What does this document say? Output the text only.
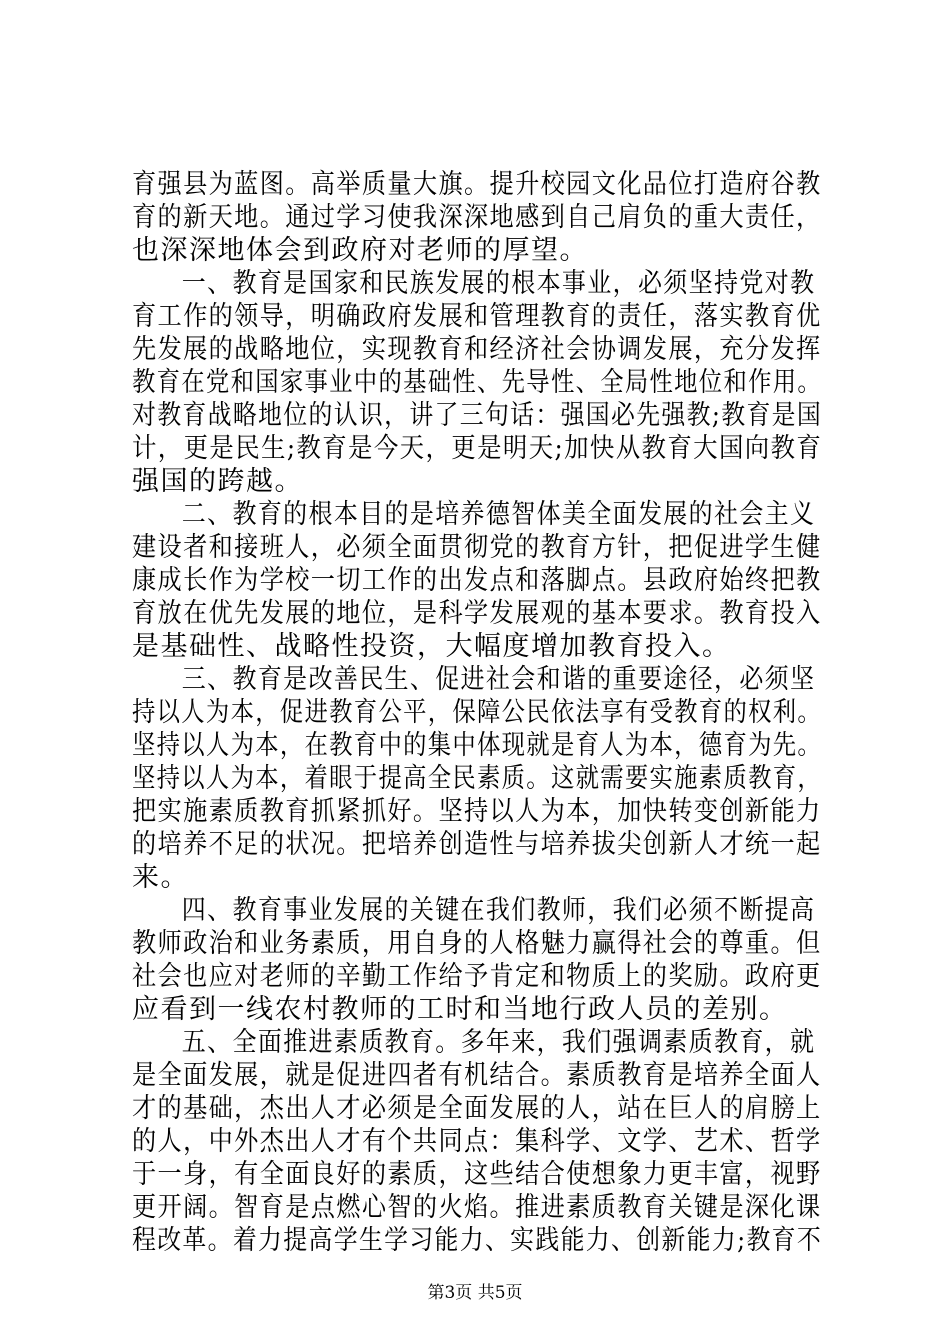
育强县为蓝图。高举质量大旗。提升校园文化品位打造府谷教
育的新天地。通过学习使我深深地感到自己肩负的重大责任，
也深深地体会到政府对老师的厚望。
一、教育是国家和民族发展的根本事业，必须坚持党对教
育工作的领导，明确政府发展和管理教育的责任，落实教育优
先发展的战略地位，实现教育和经济社会协调发展，充分发挥
教育在党和国家事业中的基础性、先导性、全局性地位和作用。
对教育战略地位的认识，讲了三句话：强国必先强教;教育是国
计，更是民生;教育是今天，更是明天;加快从教育大国向教育
强国的跨越。
二、教育的根本目的是培养德智体美全面发展的社会主义
建设者和接班人，必须全面贯彻党的教育方针，把促进学生健
康成长作为学校一切工作的出发点和落脚点。县政府始终把教
育放在优先发展的地位，是科学发展观的基本要求。教育投入
是基础性、战略性投资，大幅度增加教育投入。
三、教育是改善民生、促进社会和谐的重要途径，必须坚
持以人为本，促进教育公平，保障公民依法享有受教育的权利。
坚持以人为本，在教育中的集中体现就是育人为本，德育为先。
坚持以人为本，着眼于提高全民素质。这就需要实施素质教育，
把实施素质教育抓紧抓好。坚持以人为本，加快转变创新能力
的培养不足的状况。把培养创造性与培养拔尖创新人才统一起
来。
四、教育事业发展的关键在我们教师，我们必须不断提高
教师政治和业务素质，用自身的人格魅力赢得社会的尊重。但
社会也应对老师的辛勤工作给予肯定和物质上的奖励。政府更
应看到一线农村教师的工时和当地行政人员的差别。
五、全面推进素质教育。多年来，我们强调素质教育，就
是全面发展，就是促进四者有机结合。素质教育是培养全面人
才的基础，杰出人才必须是全面发展的人，站在巨人的肩膀上
的人，中外杰出人才有个共同点：集科学、文学、艺术、哲学
于一身，有全面良好的素质，这些结合使想象力更丰富，视野
更开阔。智育是点燃心智的火焰。推进素质教育关键是深化课
程改革。着力提高学生学习能力、实践能力、创新能力;教育不
第3页 共5页
